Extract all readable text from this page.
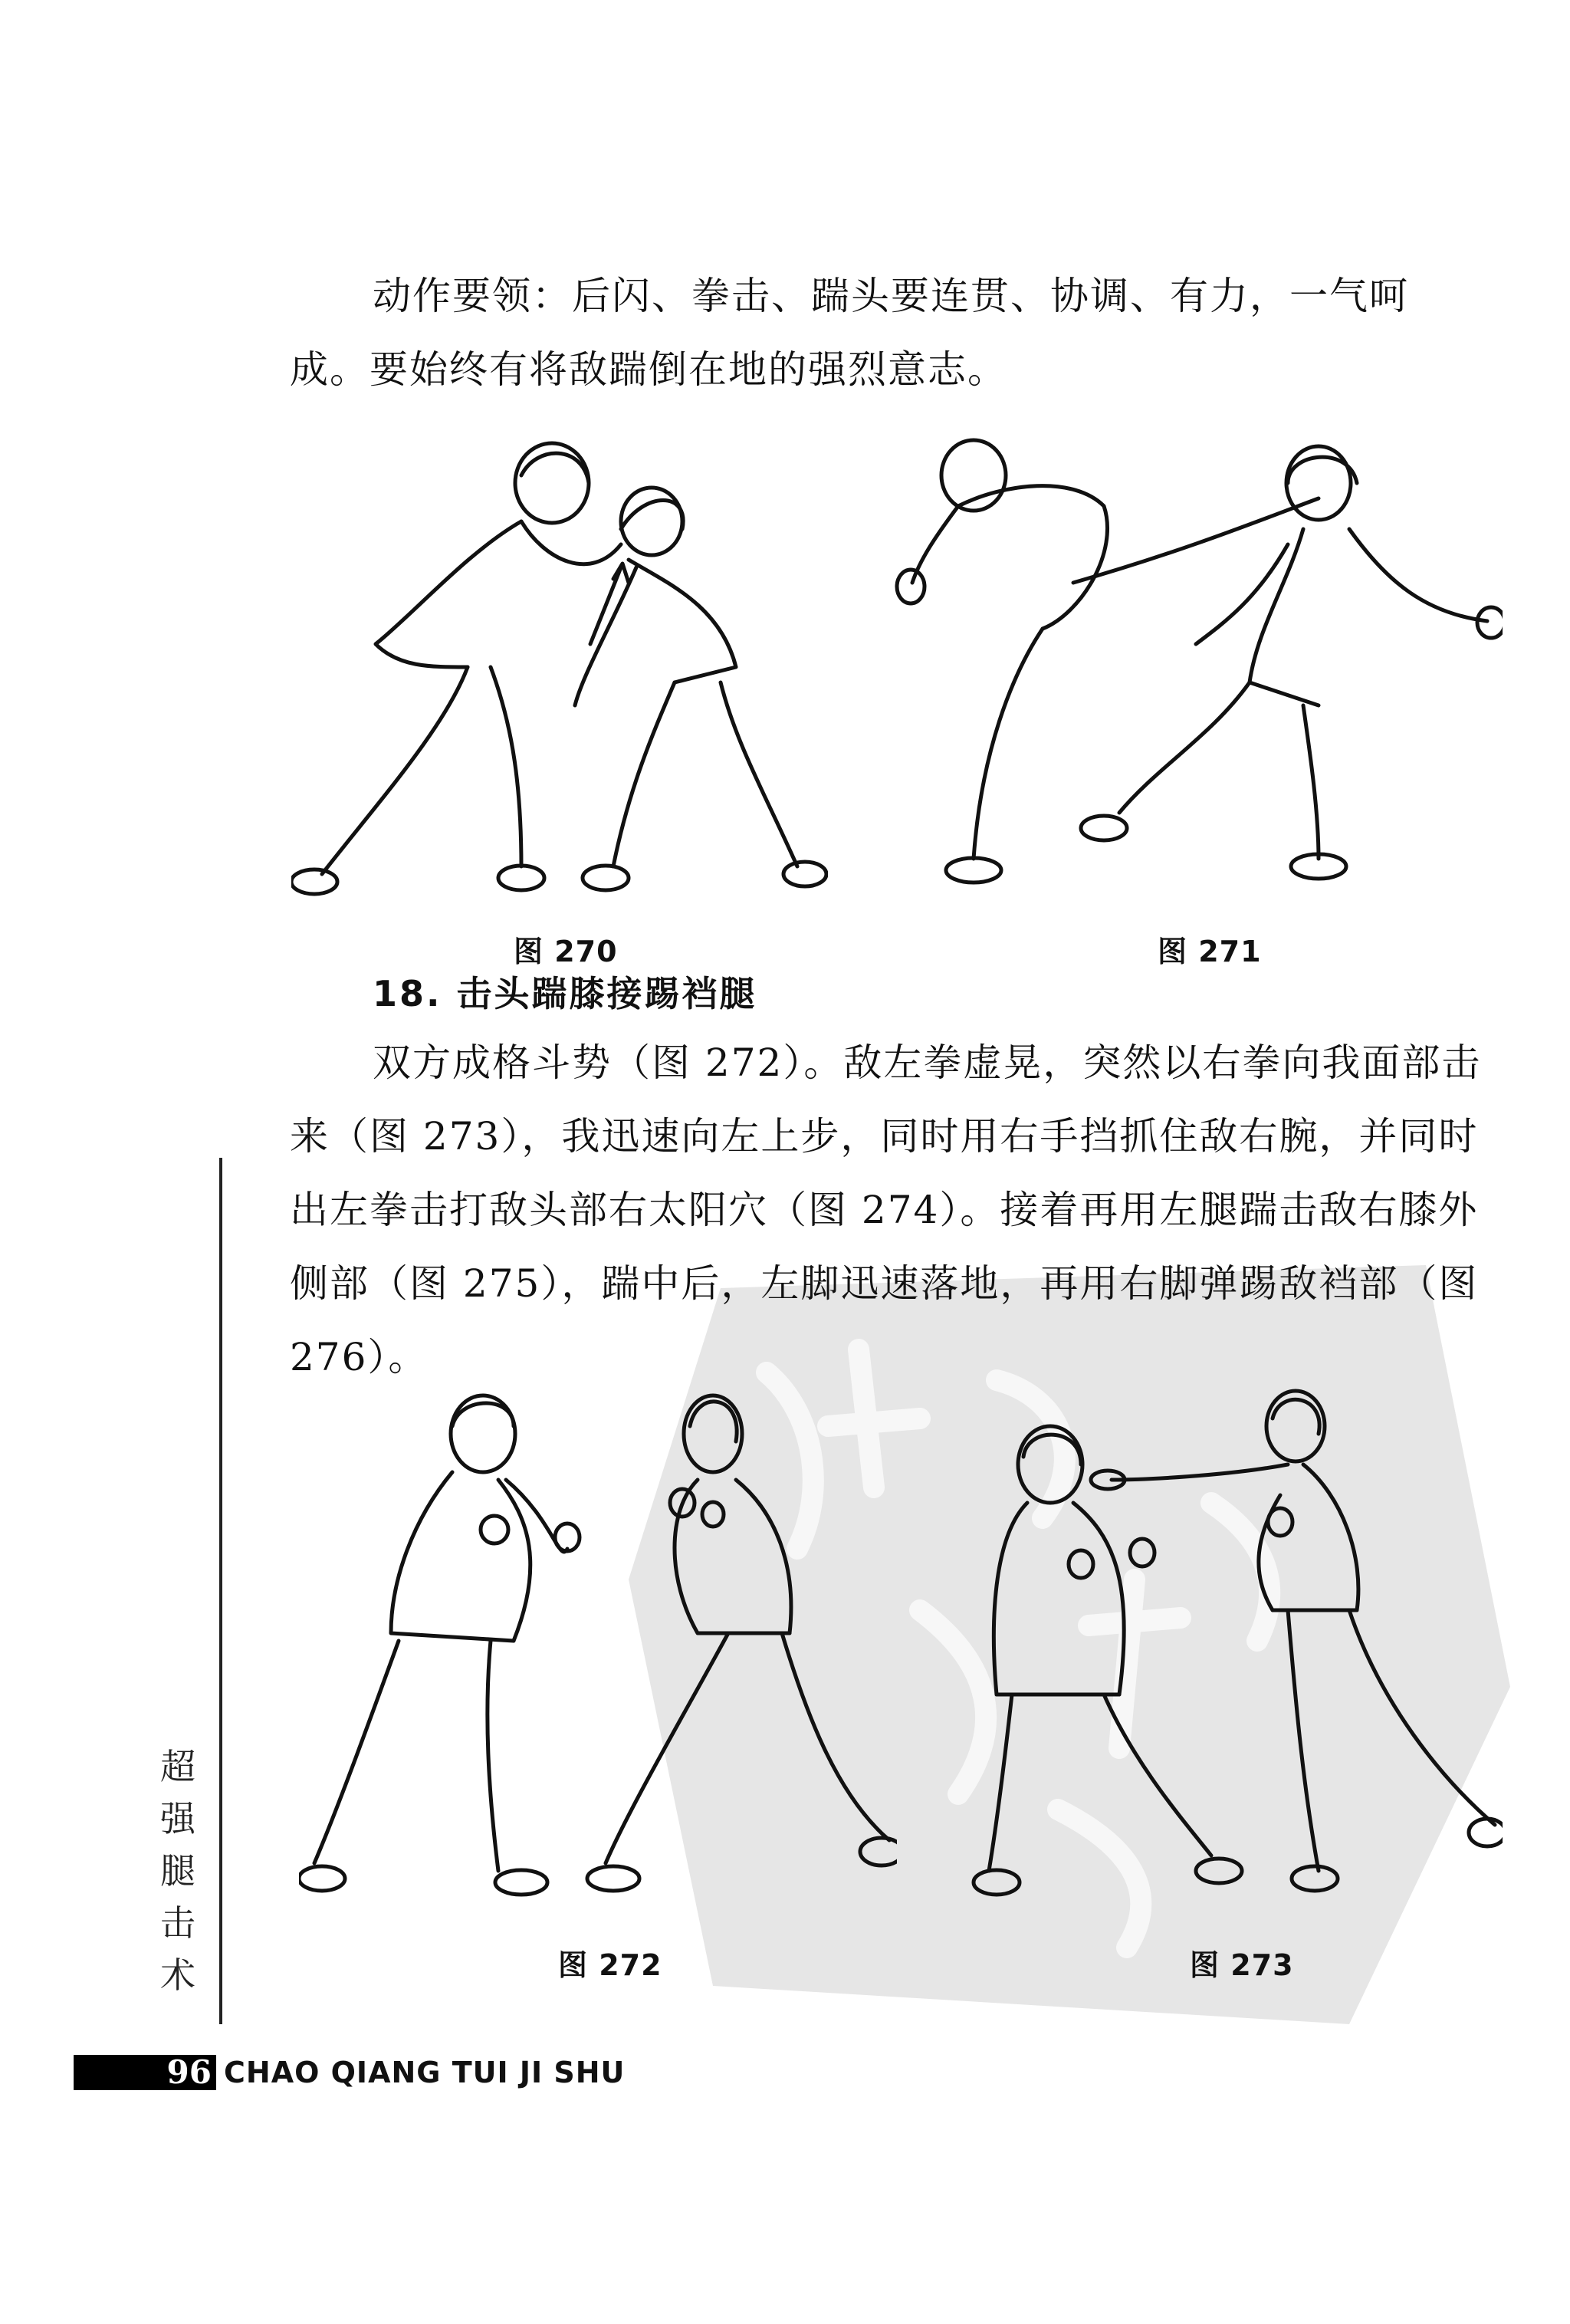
动作要领：后闪、拳击、踹头要连贯、协调、有力，一气呵成。要始终有将敌踹倒在地的强烈意志。

图 270	图 271
18. 击头踹膝接踢裆腿

双方成格斗势（图 272）。敌左拳虚晃，突然以右拳向我面部击来（图 273），我迅速向左上步，同时用右手挡抓住敌右腕，并同时出左拳击打敌头部右太阳穴（图 274）。接着再用左腿踹击敌右膝外侧部（图 275），踹中后，左脚迅速落地，再用右脚弹踢敌裆部（图 276）。

图 272	图 273
超强腿击术
96 CHAO QIANG TUI JI SHU
